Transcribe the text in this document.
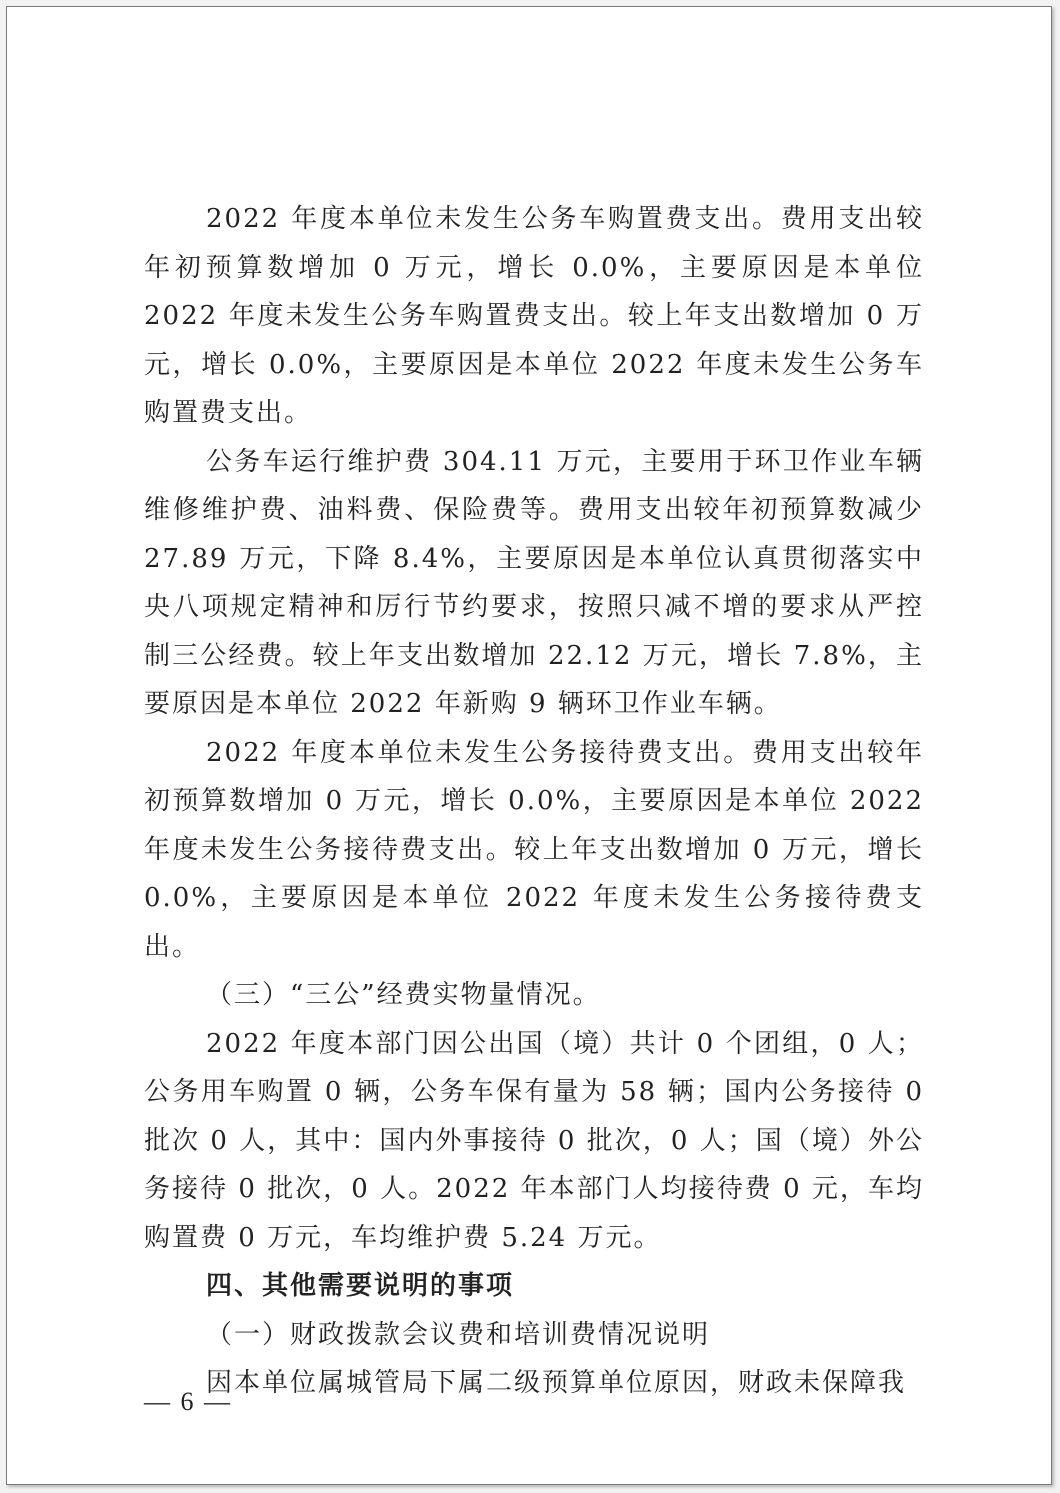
2022 年度本单位未发生公务车购置费支出。费用支出较年初预算数增加 0 万元，增长 0.0%，主要原因是本单位 2022 年度未发生公务车购置费支出。较上年支出数增加 0 万元，增长 0.0%，主要原因是本单位 2022 年度未发生公务车购置费支出。

公务车运行维护费 304.11 万元，主要用于环卫作业车辆维修维护费、油料费、保险费等。费用支出较年初预算数减少 27.89 万元，下降 8.4%，主要原因是本单位认真贯彻落实中央八项规定精神和厉行节约要求，按照只减不增的要求从严控制三公经费。较上年支出数增加 22.12 万元，增长 7.8%，主要原因是本单位 2022 年新购 9 辆环卫作业车辆。

2022 年度本单位未发生公务接待费支出。费用支出较年初预算数增加 0 万元，增长 0.0%，主要原因是本单位 2022 年度未发生公务接待费支出。较上年支出数增加 0 万元，增长 0.0%，主要原因是本单位 2022 年度未发生公务接待费支出。

（三）“三公”经费实物量情况。

2022 年度本部门因公出国（境）共计 0 个团组，0 人；公务用车购置 0 辆，公务车保有量为 58 辆；国内公务接待 0 批次 0 人，其中：国内外事接待 0 批次，0 人；国（境）外公务接待 0 批次，0 人。2022 年本部门人均接待费 0 元，车均购置费 0 万元，车均维护费 5.24 万元。

四、其他需要说明的事项

（一）财政拨款会议费和培训费情况说明

因本单位属城管局下属二级预算单位原因，财政未保障我

— 6 —
